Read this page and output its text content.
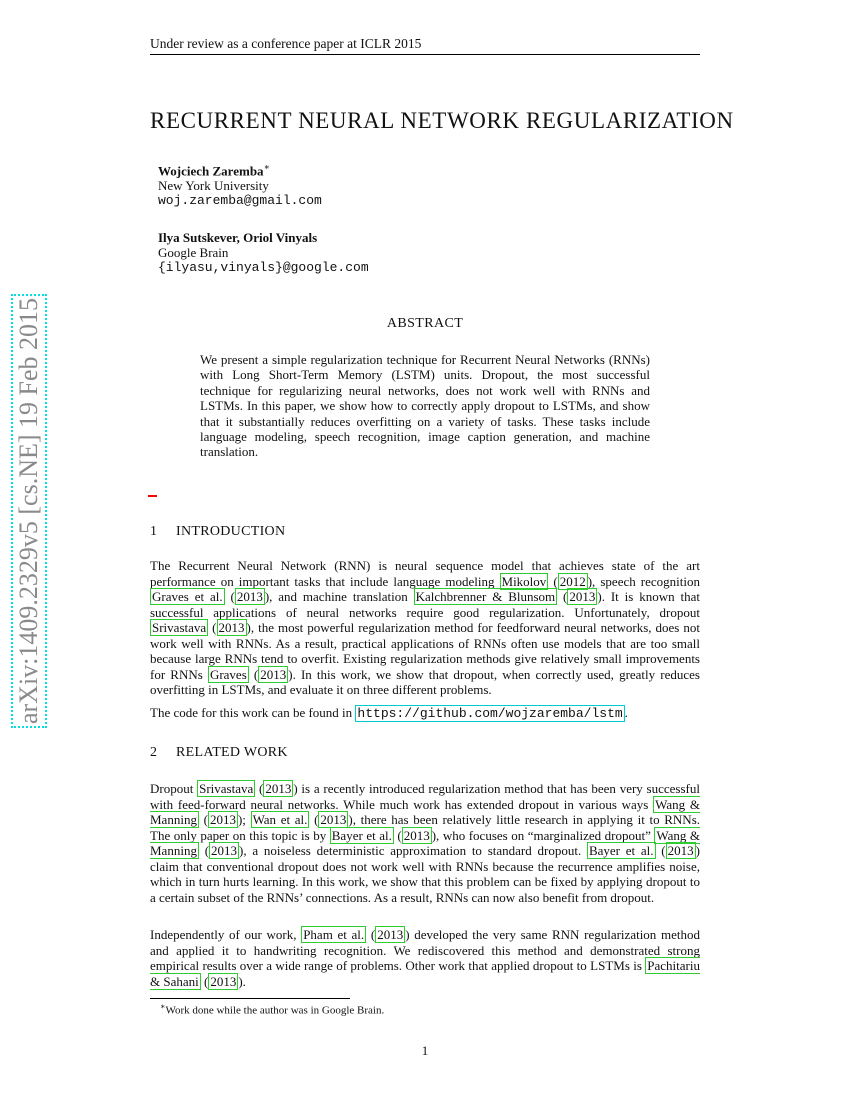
Under review as a conference paper at ICLR 2015
RECURRENT NEURAL NETWORK REGULARIZATION
Wojciech Zaremba∗
New York University
woj.zaremba@gmail.com
Ilya Sutskever, Oriol Vinyals
Google Brain
{ilyasu,vinyals}@google.com
ABSTRACT
We present a simple regularization technique for Recurrent Neural Networks (RNNs) with Long Short-Term Memory (LSTM) units. Dropout, the most successful technique for regularizing neural networks, does not work well with RNNs and LSTMs. In this paper, we show how to correctly apply dropout to LSTMs, and show that it substantially reduces overfitting on a variety of tasks. These tasks include language modeling, speech recognition, image caption generation, and machine translation.
1 INTRODUCTION
The Recurrent Neural Network (RNN) is neural sequence model that achieves state of the art performance on important tasks that include language modeling Mikolov ( 2012 ), speech recognition Graves et al. ( 2013 ), and machine translation Kalchbrenner & Blunsom ( 2013 ). It is known that successful applications of neural networks require good regularization. Unfortunately, dropout Srivastava ( 2013 ), the most powerful regularization method for feedforward neural networks, does not work well with RNNs. As a result, practical applications of RNNs often use models that are too small because large RNNs tend to overfit. Existing regularization methods give relatively small improvements for RNNs Graves ( 2013 ). In this work, we show that dropout, when correctly used, greatly reduces overfitting in LSTMs, and evaluate it on three different problems.
The code for this work can be found in https://github.com/wojzaremba/lstm .
2 RELATED WORK
Dropout Srivastava ( 2013 ) is a recently introduced regularization method that has been very successful with feed-forward neural networks. While much work has extended dropout in various ways Wang & Manning ( 2013 ); Wan et al. ( 2013 ), there has been relatively little research in applying it to RNNs. The only paper on this topic is by Bayer et al. ( 2013 ), who focuses on “marginalized dropout” Wang & Manning ( 2013 ), a noiseless deterministic approximation to standard dropout. Bayer et al. ( 2013 ) claim that conventional dropout does not work well with RNNs because the recurrence amplifies noise, which in turn hurts learning. In this work, we show that this problem can be fixed by applying dropout to a certain subset of the RNNs’ connections. As a result, RNNs can now also benefit from dropout.
Independently of our work, Pham et al. ( 2013 ) developed the very same RNN regularization method and applied it to handwriting recognition. We rediscovered this method and demonstrated strong empirical results over a wide range of problems. Other work that applied dropout to LSTMs is Pachitariu & Sahani ( 2013 ).
∗Work done while the author was in Google Brain.
1
arXiv:1409.2329v5 [cs.NE] 19 Feb 2015
